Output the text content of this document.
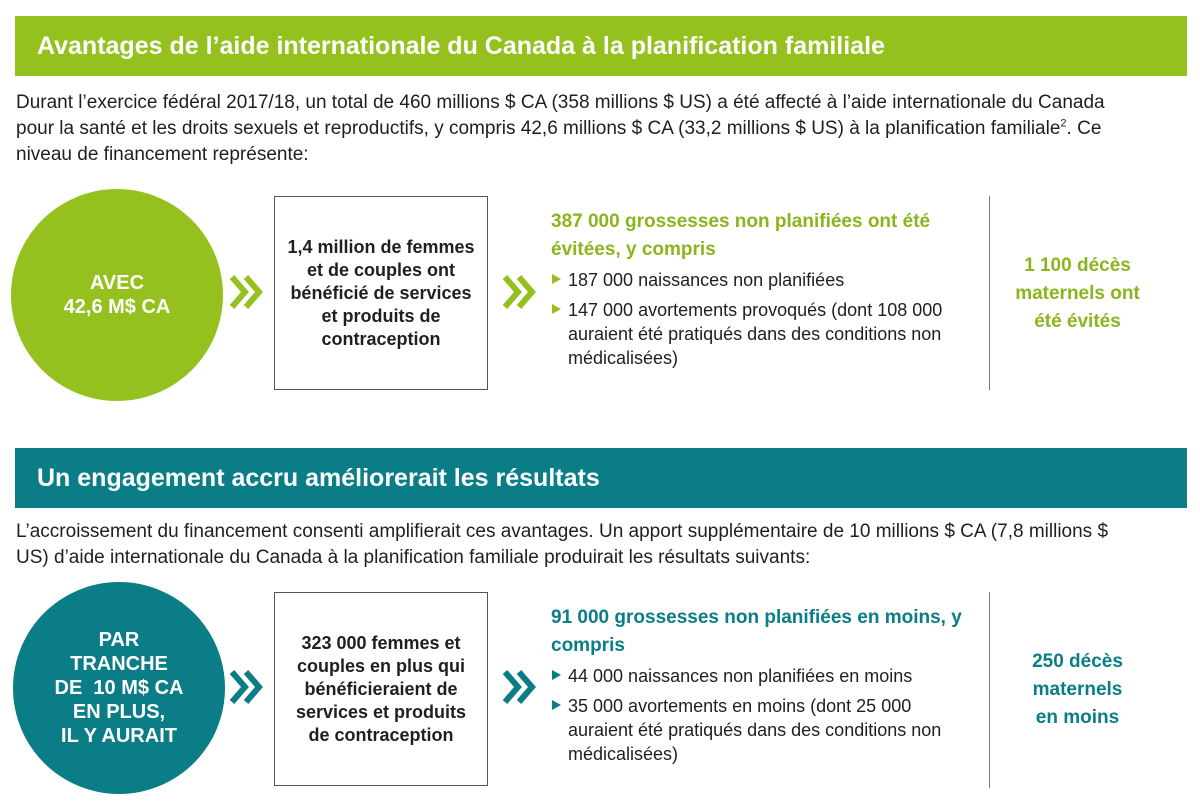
Avantages de l’aide internationale du Canada à la planification familiale

Durant l’exercice fédéral 2017/18, un total de 460 millions $ CA (358 millions $ US) a été affecté à l’aide internationale du Canada pour la santé et les droits sexuels et reproductifs, y compris 42,6 millions $ CA (33,2 millions $ US) à la planification familiale$^2$. Ce niveau de financement représente:

AVEC
42,6 M$ CA
1,4 million de femmes et de couples ont bénéficié de services et produits de contraception

387 000 grossesses non planifiées ont été évitées, y compris

187 000 naissances non planifiées
147 000 avortements provoqués (dont 108 000 auraient été pratiqués dans des conditions non médicalisées)
1 100 décès
maternels ont
été évités
Un engagement accru améliorerait les résultats

L’accroissement du financement consenti amplifierait ces avantages. Un apport supplémentaire de 10 millions $ CA (7,8 millions $ US) d’aide internationale du Canada à la planification familiale produirait les résultats suivants:

PAR
TRANCHE
DE  10 M$ CA
EN PLUS,
IL Y AURAIT
323 000 femmes et couples en plus qui bénéficieraient de services et produits de contraception

91 000 grossesses non planifiées en moins, y compris

44 000 naissances non planifiées en moins
35 000 avortements en moins (dont 25 000 auraient été pratiqués dans des conditions non médicalisées)
250 décès
maternels
en moins
